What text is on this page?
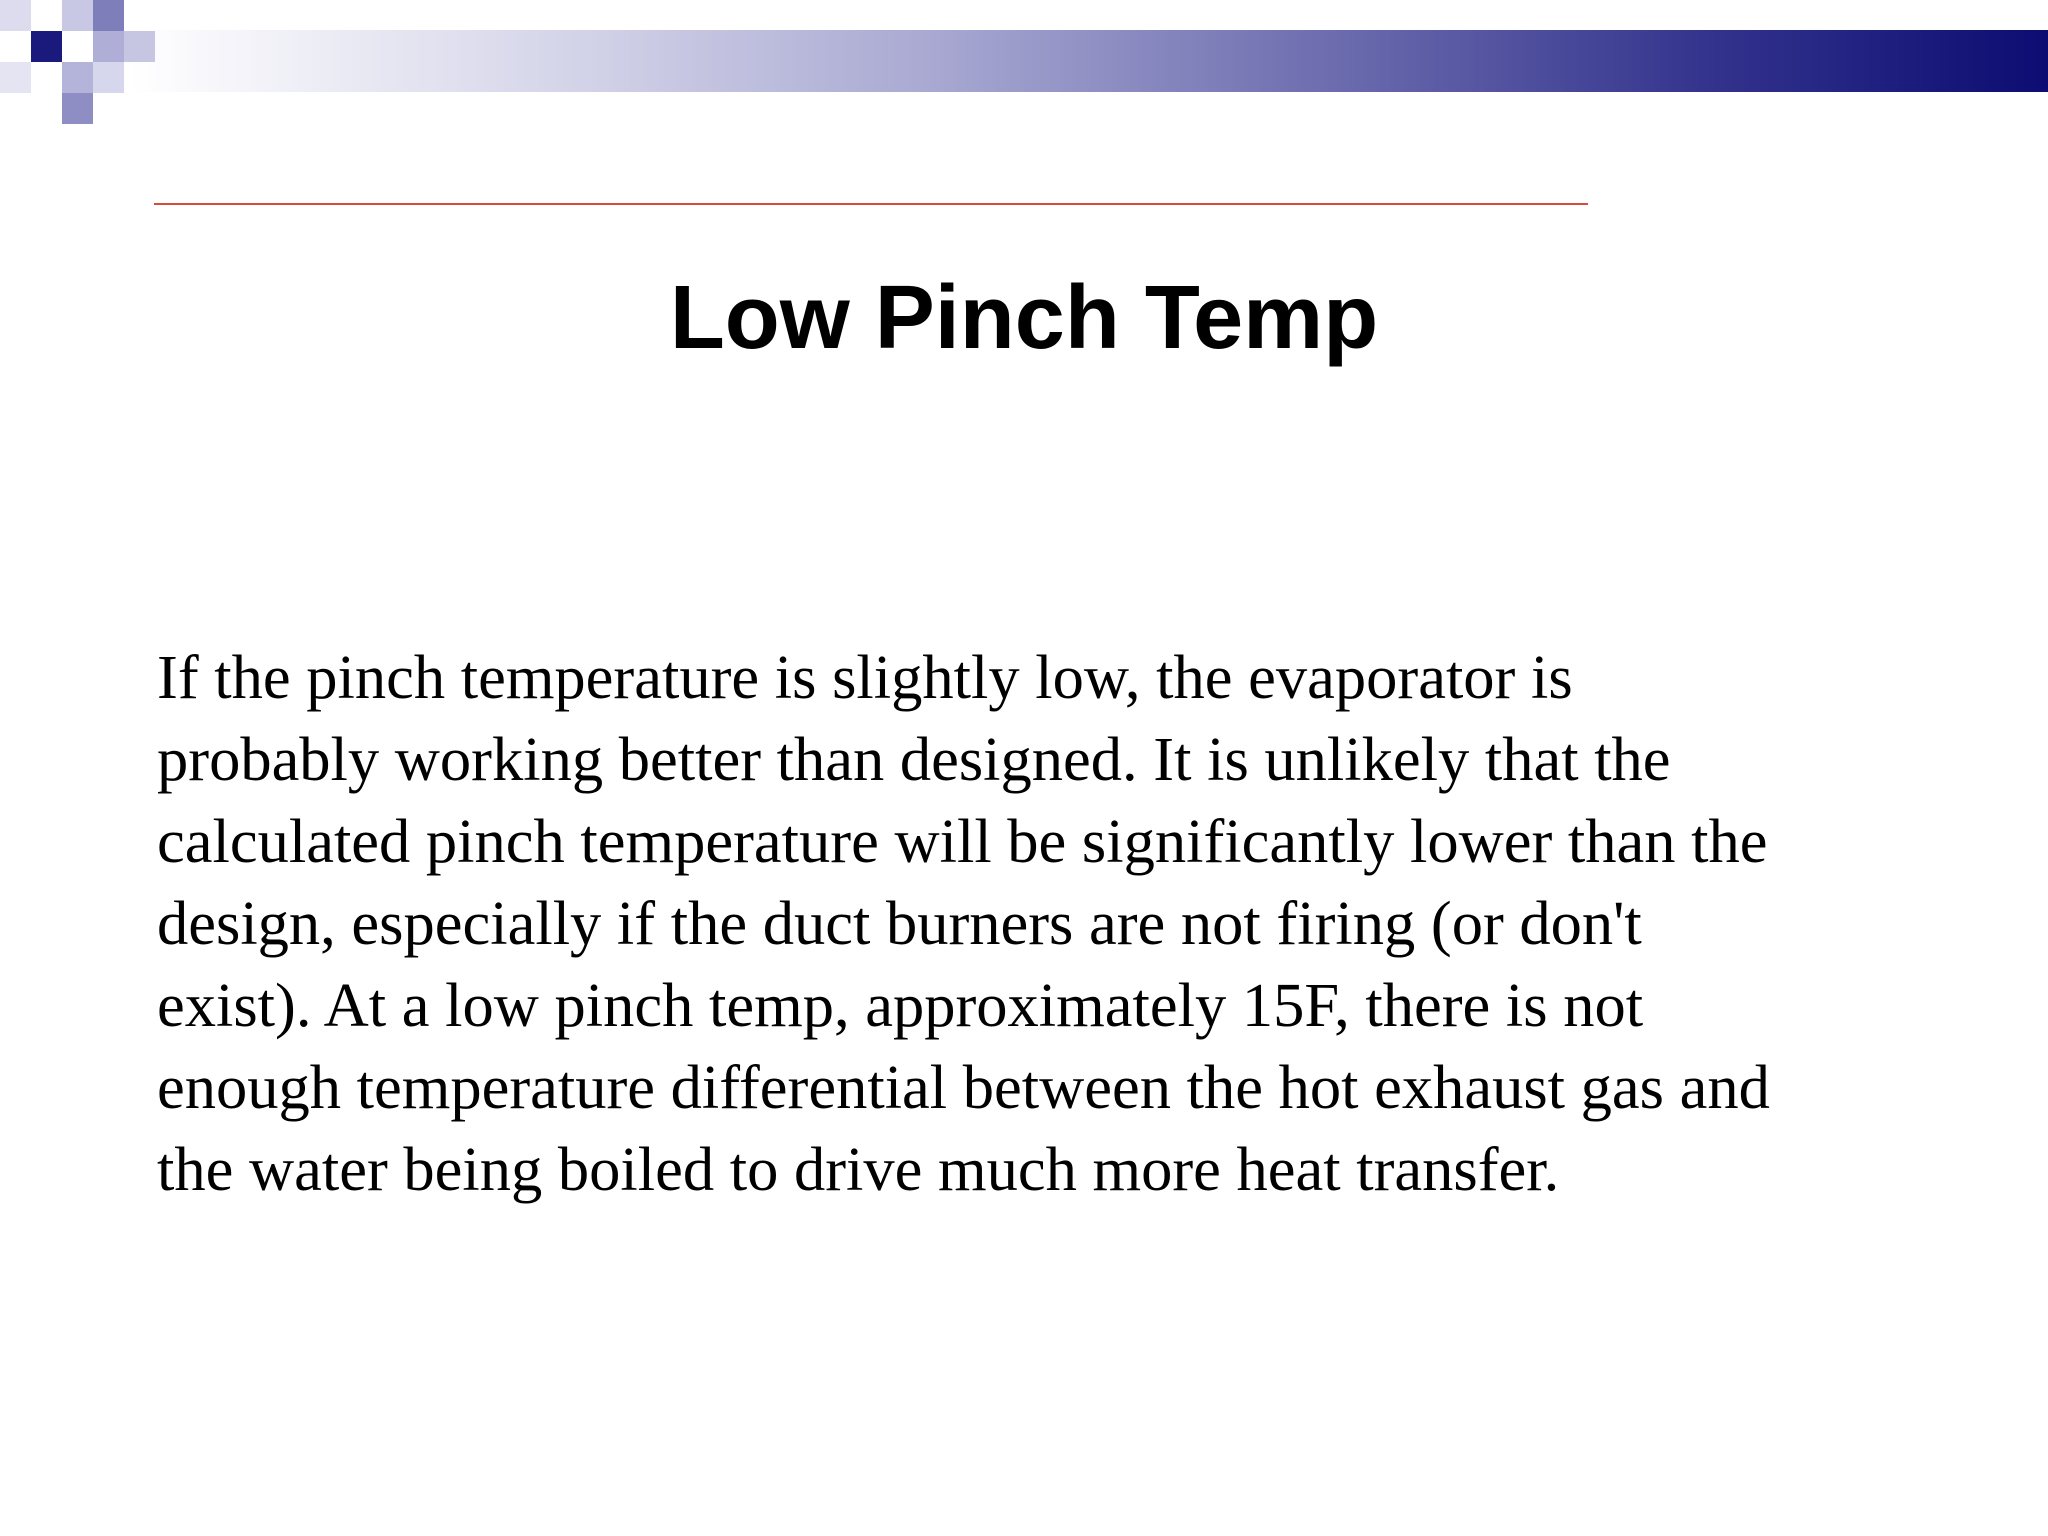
Low Pinch Temp

If the pinch temperature is slightly low, the evaporator is
probably working better than designed. It is unlikely that the
calculated pinch temperature will be significantly lower than the
design, especially if the duct burners are not firing (or don't
exist). At a low pinch temp, approximately 15F, there is not
enough temperature differential between the hot exhaust gas and
the water being boiled to drive much more heat transfer.
